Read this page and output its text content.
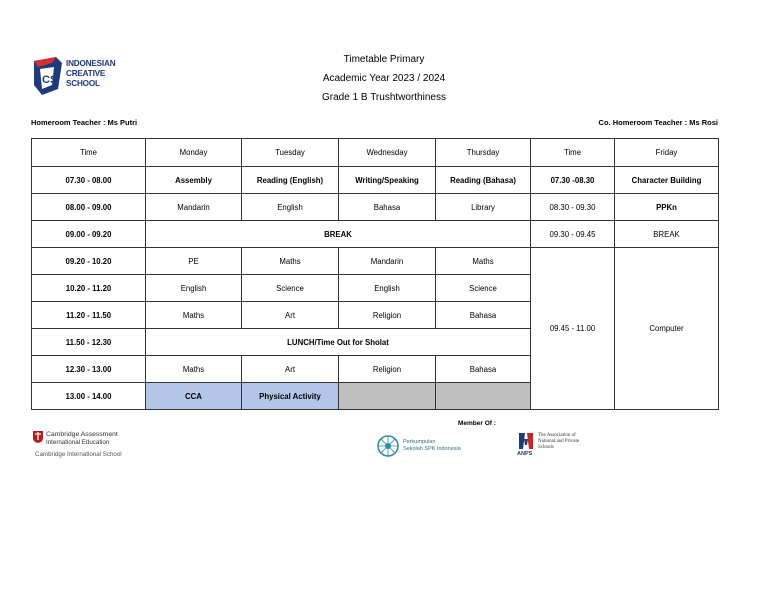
CS
INDONESIAN
CREATIVE
SCHOOL
Timetable Primary
Academic Year 2023 / 2024
Grade 1 B Trushtworthiness
Homeroom Teacher : Ms Putri	Co. Homeroom Teacher : Ms Rosi
Time	Monday	Tuesday	Wednesday	Thursday	Time	Friday
07.30 - 08.00	Assembly	Reading (English)	Writing/Speaking	Reading (Bahasa)	07.30 -08.30	Character Building
08.00 - 09.00	Mandarin	English	Bahasa	Library	08.30 - 09.30	PPKn
09.00 - 09.20	BREAK				09.30 - 09.45	BREAK
09.20 - 10.20	PE	Maths	Mandarin	Maths	09.45 - 11.00	Computer
10.20 - 11.20	English	Science	English	Science		
11.20 - 11.50	Maths	Art	Religion	Bahasa		
11.50 - 12.30	LUNCH/Time Out for Sholat					
12.30 - 13.00	Maths	Art	Religion	Bahasa		
13.00 - 14.00	CCA	Physical Activity				
Member Of :
Cambridge Assessment
International Education
Cambridge International School
Perkumpulan
Sekolah SPK Indonesia
The Association of
National and Private
Schools
ANPS
